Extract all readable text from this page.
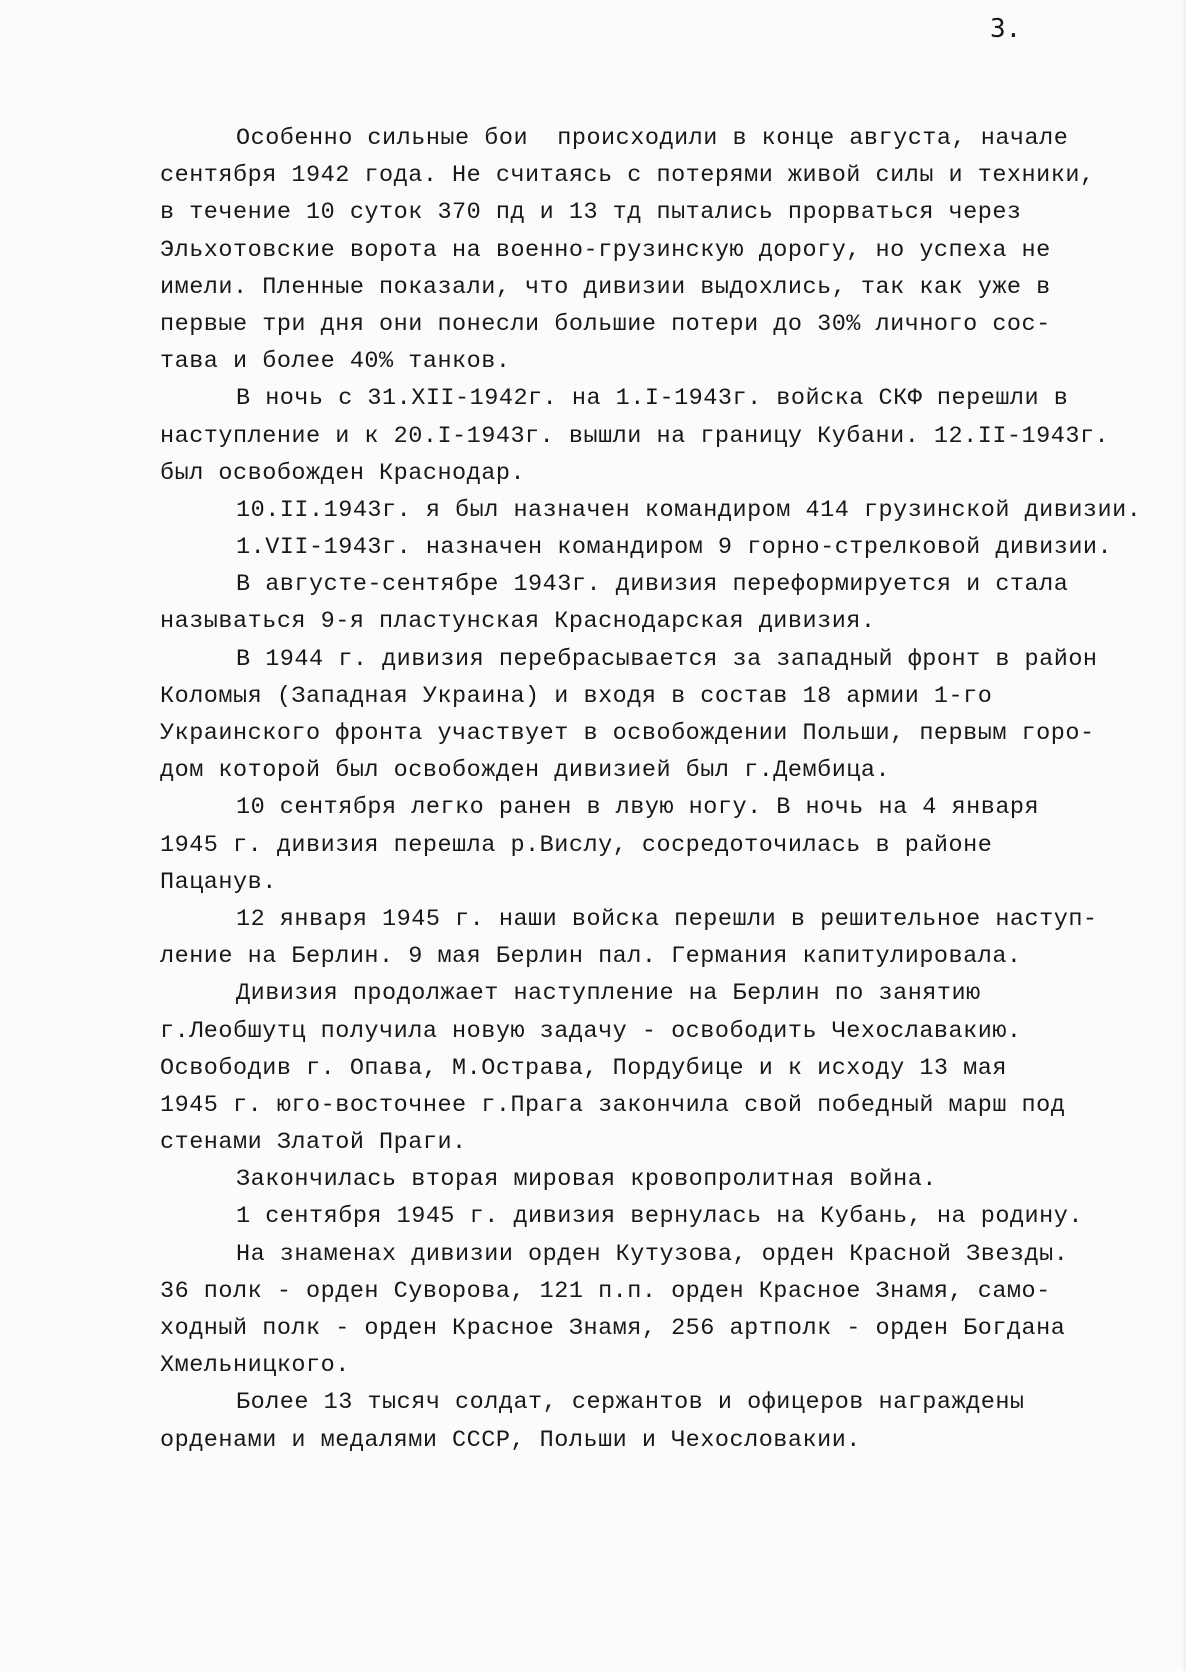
3.
Особенно сильные бои  происходили в конце августа, начале
сентября 1942 года. Не считаясь с потерями живой силы и техники,
в течение 10 суток 370 пд и 13 тд пытались прорваться через
Эльхотовские ворота на военно-грузинскую дорогу, но успеха не
имели. Пленные показали, что дивизии выдохлись, так как уже в
первые три дня они понесли большие потери до 30% личного сос-
тава и более 40% танков.
В ночь с 31.XII-1942г. на 1.I-1943г. войска СКФ перешли в
наступление и к 20.I-1943г. вышли на границу Кубани. 12.II-1943г.
был освобожден Краснодар.
10.II.1943г. я был назначен командиром 414 грузинской дивизии.
1.VII-1943г. назначен командиром 9 горно-стрелковой дивизии.
В августе-сентябре 1943г. дивизия переформируется и стала
называться 9-я пластунская Краснодарская дивизия.
В 1944 г. дивизия перебрасывается за западный фронт в район
Коломыя (Западная Украина) и входя в состав 18 армии 1-го
Украинского фронта участвует в освобождении Польши, первым горо-
дом которой был освобожден дивизией был г.Дембица.
10 сентября легко ранен в лвую ногу. В ночь на 4 января
1945 г. дивизия перешла р.Вислу, сосредоточилась в районе
Пацанув.
12 января 1945 г. наши войска перешли в решительное наступ-
ление на Берлин. 9 мая Берлин пал. Германия капитулировала.
Дивизия продолжает наступление на Берлин по занятию
г.Леобшутц получила новую задачу - освободить Чехославакию.
Освободив г. Опава, М.Острава, Пордубице и к исходу 13 мая
1945 г. юго-восточнее г.Прага закончила свой победный марш под
стенами Златой Праги.
Закончилась вторая мировая кровопролитная война.
1 сентября 1945 г. дивизия вернулась на Кубань, на родину.
На знаменах дивизии орден Кутузова, орден Красной Звезды.
36 полк - орден Суворова, 121 п.п. орден Красное Знамя, само-
ходный полк - орден Красное Знамя, 256 артполк - орден Богдана
Хмельницкого.
Более 13 тысяч солдат, сержантов и офицеров награждены
орденами и медалями СССР, Польши и Чехословакии.
